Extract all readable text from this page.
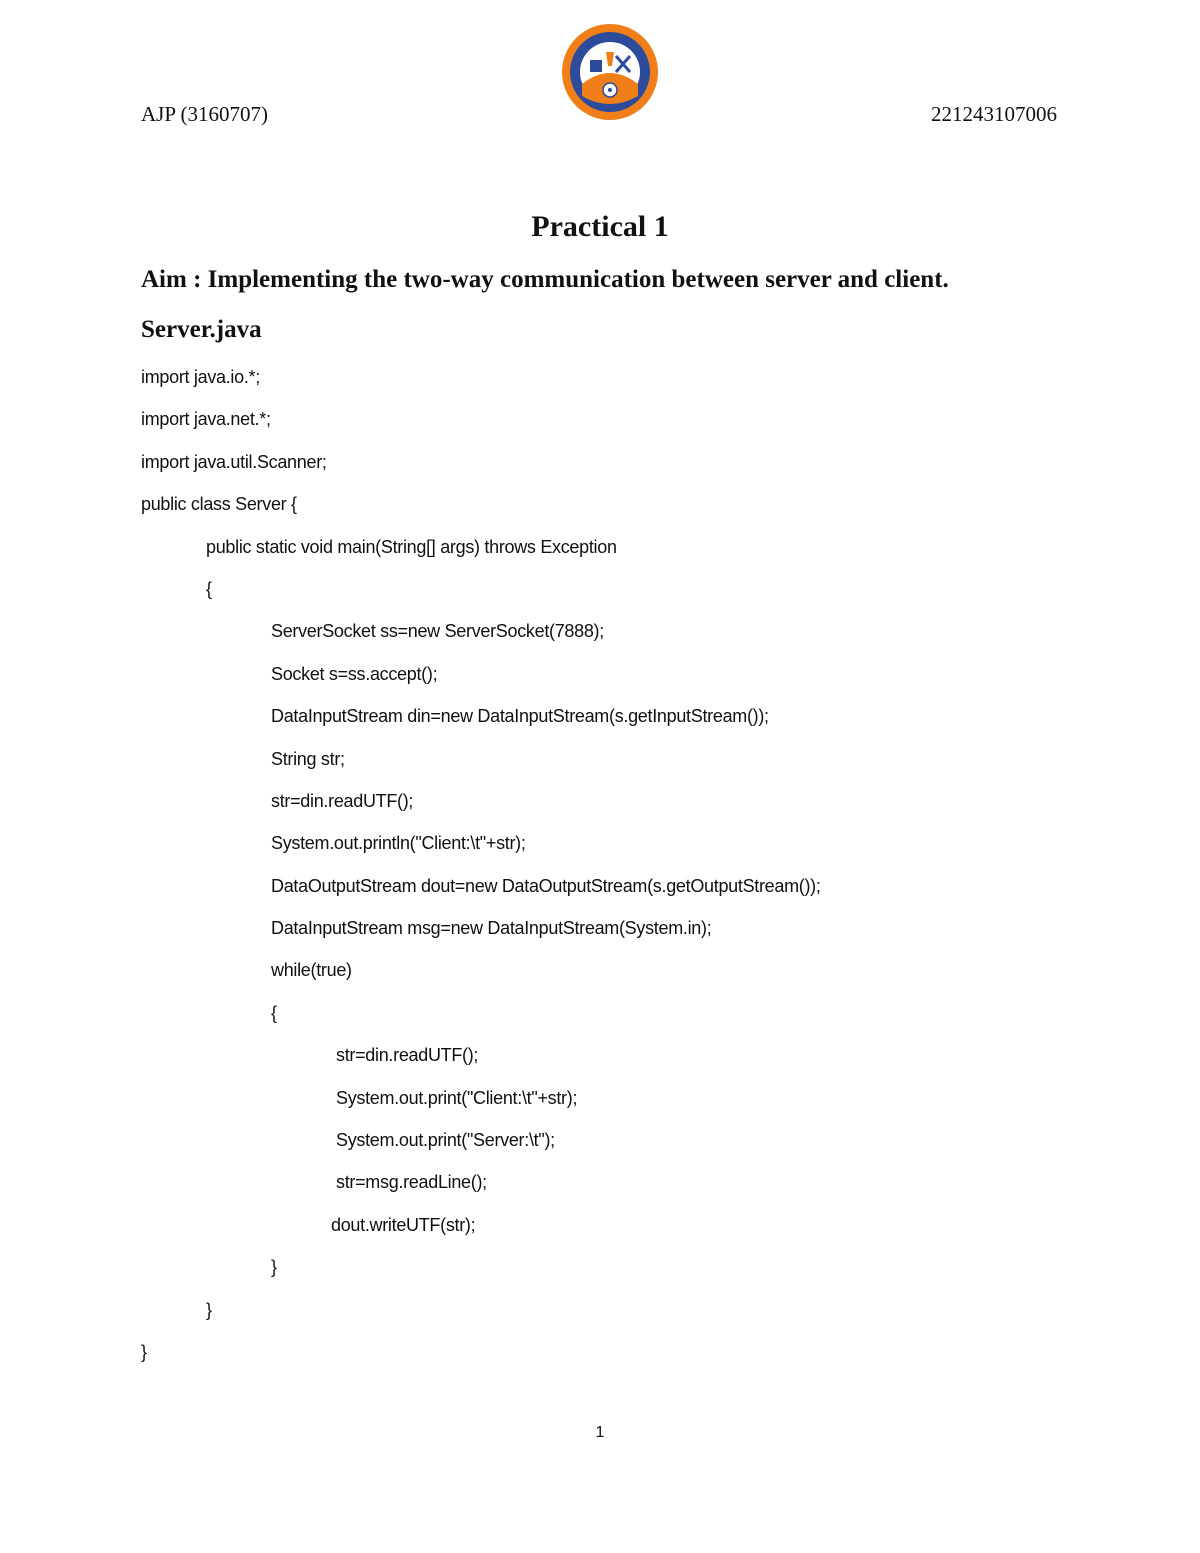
AJP (3160707)	221243107006
Practical 1
Aim : Implementing the two-way communication between server and client.
Server.java
import java.io.*;
import java.net.*;
import java.util.Scanner;
public class Server {
public static void main(String[] args) throws Exception
{
ServerSocket ss=new ServerSocket(7888);
Socket s=ss.accept();
DataInputStream din=new DataInputStream(s.getInputStream());
String str;
str=din.readUTF();
System.out.println("Client:\t"+str);
DataOutputStream dout=new DataOutputStream(s.getOutputStream());
DataInputStream msg=new DataInputStream(System.in);
while(true)
{
str=din.readUTF();
System.out.print("Client:\t"+str);
System.out.print("Server:\t");
str=msg.readLine();
dout.writeUTF(str);
}
}
}
1
